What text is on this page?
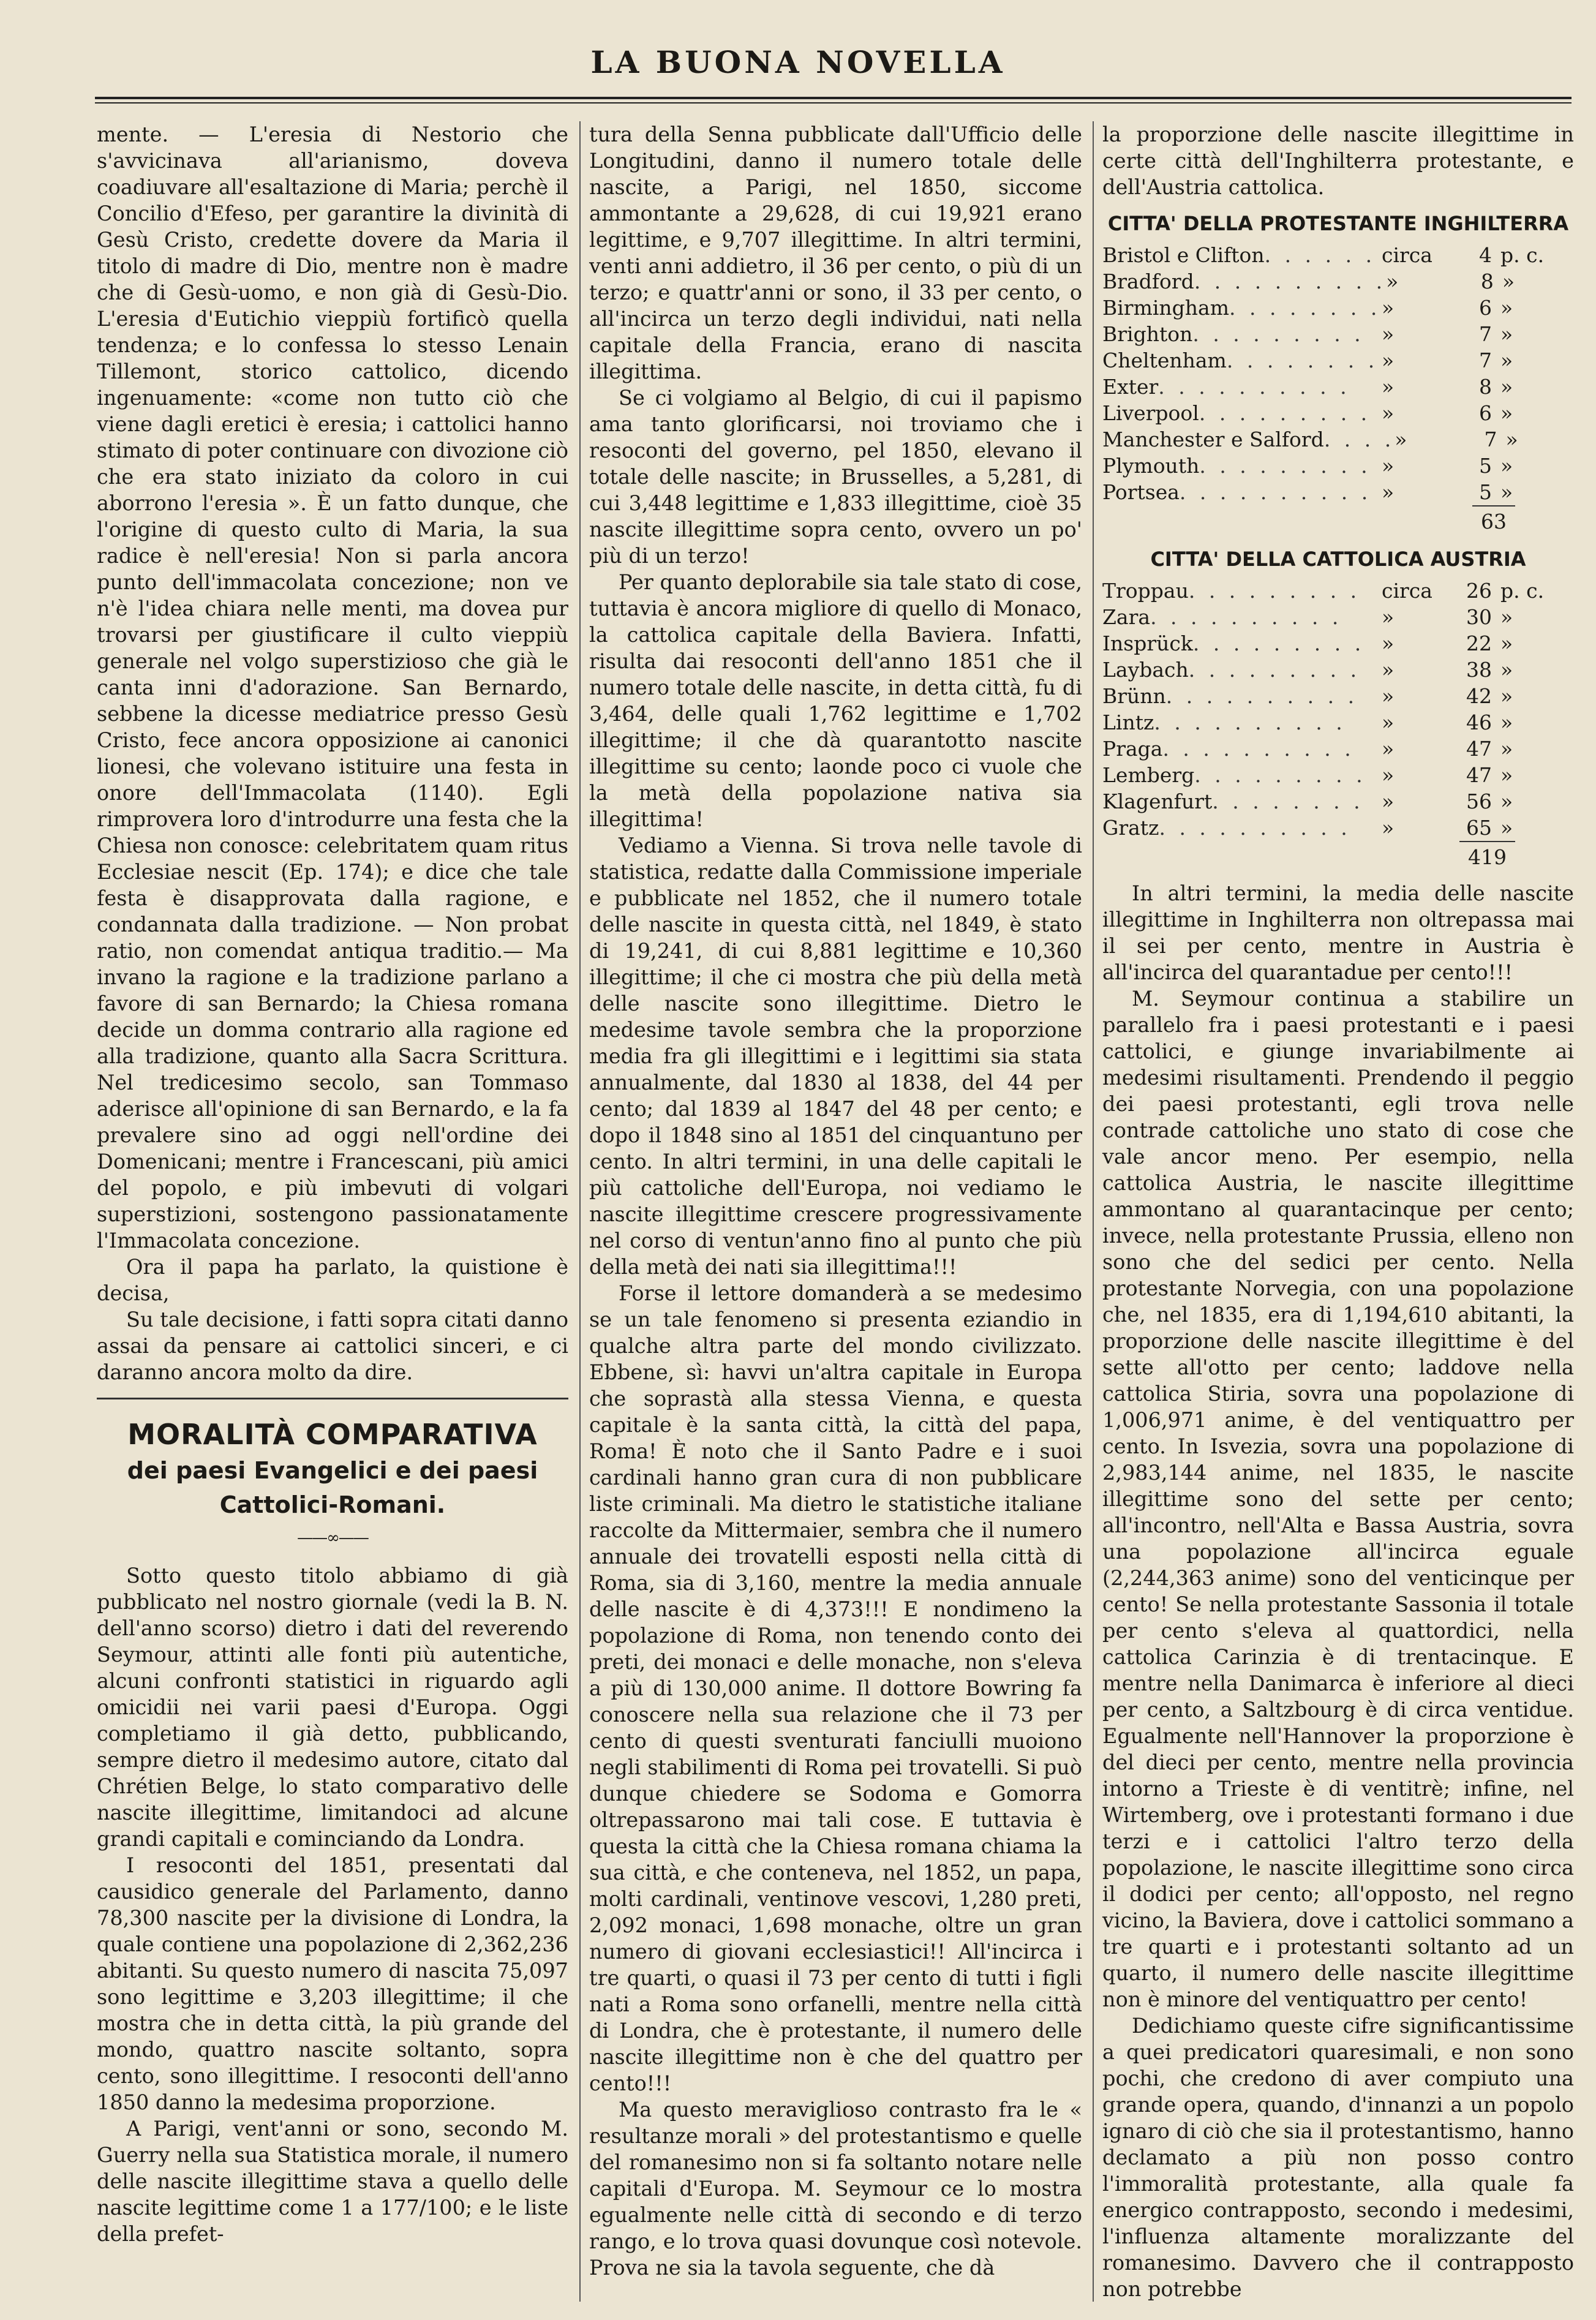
LA BUONA NOVELLA

mente. — L'eresia di Nestorio che s'avvicinava all'arianismo, doveva coadiuvare all'esaltazione di Maria; perchè il Concilio d'Efeso, per garantire la divinità di Gesù Cristo, credette dovere da Maria il titolo di madre di Dio, mentre non è madre che di Gesù-uomo, e non già di Gesù-Dio. L'eresia d'Eutichio vieppiù fortificò quella tendenza; e lo confessa lo stesso Lenain Tillemont, storico cattolico, dicendo ingenuamente: «come non tutto ciò che viene dagli eretici è eresia; i cattolici hanno stimato di poter continuare con divozione ciò che era stato iniziato da coloro in cui aborrono l'eresia ». È un fatto dunque, che l'origine di questo culto di Maria, la sua radice è nell'eresia! Non si parla ancora punto dell'immacolata concezione; non ve n'è l'idea chiara nelle menti, ma dovea pur trovarsi per giustificare il culto vieppiù generale nel volgo superstizioso che già le canta inni d'adorazione. San Bernardo, sebbene la dicesse mediatrice presso Gesù Cristo, fece ancora opposizione ai canonici lionesi, che volevano istituire una festa in onore dell'Immacolata (1140). Egli rimprovera loro d'introdurre una festa che la Chiesa non conosce: celebritatem quam ritus Ecclesiae nescit (Ep. 174); e dice che tale festa è disapprovata dalla ragione, e condannata dalla tradizione. — Non probat ratio, non comendat antiqua traditio.— Ma invano la ragione e la tradizione parlano a favore di san Bernardo; la Chiesa romana decide un domma contrario alla ragione ed alla tradizione, quanto alla Sacra Scrittura. Nel tredicesimo secolo, san Tommaso aderisce all'opinione di san Bernardo, e la fa prevalere sino ad oggi nell'ordine dei Domenicani; mentre i Francescani, più amici del popolo, e più imbevuti di volgari superstizioni, sostengono passionatamente l'Immacolata concezione.

Ora il papa ha parlato, la quistione è decisa,

Su tale decisione, i fatti sopra citati danno assai da pensare ai cattolici sinceri, e ci daranno ancora molto da dire.

MORALITÀ COMPARATIVA
dei paesi Evangelici e dei paesi
Cattolici-Romani.
——∞——

Sotto questo titolo abbiamo di già pubblicato nel nostro giornale (vedi la B. N. dell'anno scorso) dietro i dati del reverendo Seymour, attinti alle fonti più autentiche, alcuni confronti statistici in riguardo agli omicidii nei varii paesi d'Europa. Oggi completiamo il già detto, pubblicando, sempre dietro il medesimo autore, citato dal Chrétien Belge, lo stato comparativo delle nascite illegittime, limitandoci ad alcune grandi capitali e cominciando da Londra.

I resoconti del 1851, presentati dal causidico generale del Parlamento, danno 78,300 nascite per la divisione di Londra, la quale contiene una popolazione di 2,362,236 abitanti. Su questo numero di nascita 75,097 sono legittime e 3,203 illegittime; il che mostra che in detta città, la più grande del mondo, quattro nascite soltanto, sopra cento, sono illegittime. I resoconti dell'anno 1850 danno la medesima proporzione.

A Parigi, vent'anni or sono, secondo M. Guerry nella sua Statistica morale, il numero delle nascite illegittime stava a quello delle nascite legittime come 1 a 177/100; e le liste della prefet-

tura della Senna pubblicate dall'Ufficio delle Longitudini, danno il numero totale delle nascite, a Parigi, nel 1850, siccome ammontante a 29,628, di cui 19,921 erano legittime, e 9,707 illegittime. In altri termini, venti anni addietro, il 36 per cento, o più di un terzo; e quattr'anni or sono, il 33 per cento, o all'incirca un terzo degli individui, nati nella capitale della Francia, erano di nascita illegittima.

Se ci volgiamo al Belgio, di cui il papismo ama tanto glorificarsi, noi troviamo che i resoconti del governo, pel 1850, elevano il totale delle nascite; in Brusselles, a 5,281, di cui 3,448 legittime e 1,833 illegittime, cioè 35 nascite illegittime sopra cento, ovvero un po' più di un terzo!

Per quanto deplorabile sia tale stato di cose, tuttavia è ancora migliore di quello di Monaco, la cattolica capitale della Baviera. Infatti, risulta dai resoconti dell'anno 1851 che il numero totale delle nascite, in detta città, fu di 3,464, delle quali 1,762 legittime e 1,702 illegittime; il che dà quarantotto nascite illegittime su cento; laonde poco ci vuole che la metà della popolazione nativa sia illegittima!

Vediamo a Vienna. Si trova nelle tavole di statistica, redatte dalla Commissione imperiale e pubblicate nel 1852, che il numero totale delle nascite in questa città, nel 1849, è stato di 19,241, di cui 8,881 legittime e 10,360 illegittime; il che ci mostra che più della metà delle nascite sono illegittime. Dietro le medesime tavole sembra che la proporzione media fra gli illegittimi e i legittimi sia stata annualmente, dal 1830 al 1838, del 44 per cento; dal 1839 al 1847 del 48 per cento; e dopo il 1848 sino al 1851 del cinquantuno per cento. In altri termini, in una delle capitali le più cattoliche dell'Europa, noi vediamo le nascite illegittime crescere progressivamente nel corso di ventun'anno fino al punto che più della metà dei nati sia illegittima!!!

Forse il lettore domanderà a se medesimo se un tale fenomeno si presenta eziandio in qualche altra parte del mondo civilizzato. Ebbene, sì: havvi un'altra capitale in Europa che soprastà alla stessa Vienna, e questa capitale è la santa città, la città del papa, Roma! È noto che il Santo Padre e i suoi cardinali hanno gran cura di non pubblicare liste criminali. Ma dietro le statistiche italiane raccolte da Mittermaier, sembra che il numero annuale dei trovatelli esposti nella città di Roma, sia di 3,160, mentre la media annuale delle nascite è di 4,373!!! E nondimeno la popolazione di Roma, non tenendo conto dei preti, dei monaci e delle monache, non s'eleva a più di 130,000 anime. Il dottore Bowring fa conoscere nella sua relazione che il 73 per cento di questi sventurati fanciulli muoiono negli stabilimenti di Roma pei trovatelli. Si può dunque chiedere se Sodoma e Gomorra oltrepassarono mai tali cose. E tuttavia è questa la città che la Chiesa romana chiama la sua città, e che conteneva, nel 1852, un papa, molti cardinali, ventinove vescovi, 1,280 preti, 2,092 monaci, 1,698 monache, oltre un gran numero di giovani ecclesiastici!! All'incirca i tre quarti, o quasi il 73 per cento di tutti i figli nati a Roma sono orfanelli, mentre nella città di Londra, che è protestante, il numero delle nascite illegittime non è che del quattro per cento!!!

Ma questo meraviglioso contrasto fra le « resultanze morali » del protestantismo e quelle del romanesimo non si fa soltanto notare nelle capitali d'Europa. M. Seymour ce lo mostra egualmente nelle città di secondo e di terzo rango, e lo trova quasi dovunque così notevole. Prova ne sia la tavola seguente, che dà

la proporzione delle nascite illegittime in certe città dell'Inghilterra protestante, e dell'Austria cattolica.

CITTA' DELLA PROTESTANTE INGHILTERRA
Bristol e Clifton . . . . . . circa	4 p. c.
Bradford . . . . . . . . . . »	8 »
Birmingham . . . . . . . . »	6 »
Brighton . . . . . . . . . »	7 »
Cheltenham . . . . . . . . »	7 »
Exter . . . . . . . . . .	»	8 »
Liverpool . . . . . . . . . »	6 »
Manchester e Salford . . . . »	7 »
Plymouth . . . . . . . . . »	5 »
Portsea . . . . . . . . . . »	5 »
63
CITTA' DELLA CATTOLICA AUSTRIA
Troppau . . . . . . . . .	circa	26 p. c.
Zara . . . . . . . . . .	»	30 »
Insprück . . . . . . . . . »	22 »
Laybach . . . . . . . . .	»	38 »
Brünn . . . . . . . . . .	»	42 »
Lintz . . . . . . . . . .	»	46 »
Praga . . . . . . . . . .	»	47 »
Lemberg . . . . . . . . . »	47 »
Klagenfurt . . . . . . . . »	56 »
Gratz . . . . . . . . . .	»	65 »
419

In altri termini, la media delle nascite illegittime in Inghilterra non oltrepassa mai il sei per cento, mentre in Austria è all'incirca del quarantadue per cento!!!

M. Seymour continua a stabilire un parallelo fra i paesi protestanti e i paesi cattolici, e giunge invariabilmente ai medesimi risultamenti. Prendendo il peggio dei paesi protestanti, egli trova nelle contrade cattoliche uno stato di cose che vale ancor meno. Per esempio, nella cattolica Austria, le nascite illegittime ammontano al quarantacinque per cento; invece, nella protestante Prussia, elleno non sono che del sedici per cento. Nella protestante Norvegia, con una popolazione che, nel 1835, era di 1,194,610 abitanti, la proporzione delle nascite illegittime è del sette all'otto per cento; laddove nella cattolica Stiria, sovra una popolazione di 1,006,971 anime, è del ventiquattro per cento. In Isvezia, sovra una popolazione di 2,983,144 anime, nel 1835, le nascite illegittime sono del sette per cento; all'incontro, nell'Alta e Bassa Austria, sovra una popolazione all'incirca eguale (2,244,363 anime) sono del venticinque per cento! Se nella protestante Sassonia il totale per cento s'eleva al quattordici, nella cattolica Carinzia è di trentacinque. E mentre nella Danimarca è inferiore al dieci per cento, a Saltzbourg è di circa ventidue. Egualmente nell'Hannover la proporzione è del dieci per cento, mentre nella provincia intorno a Trieste è di ventitrè; infine, nel Wirtemberg, ove i protestanti formano i due terzi e i cattolici l'altro terzo della popolazione, le nascite illegittime sono circa il dodici per cento; all'opposto, nel regno vicino, la Baviera, dove i cattolici sommano a tre quarti e i protestanti soltanto ad un quarto, il numero delle nascite illegittime non è minore del ventiquattro per cento!

Dedichiamo queste cifre significantissime a quei predicatori quaresimali, e non sono pochi, che credono di aver compiuto una grande opera, quando, d'innanzi a un popolo ignaro di ciò che sia il protestantismo, hanno declamato a più non posso contro l'immoralità protestante, alla quale fa energico contrapposto, secondo i medesimi, l'influenza altamente moralizzante del romanesimo. Davvero che il contrapposto non potrebbe
